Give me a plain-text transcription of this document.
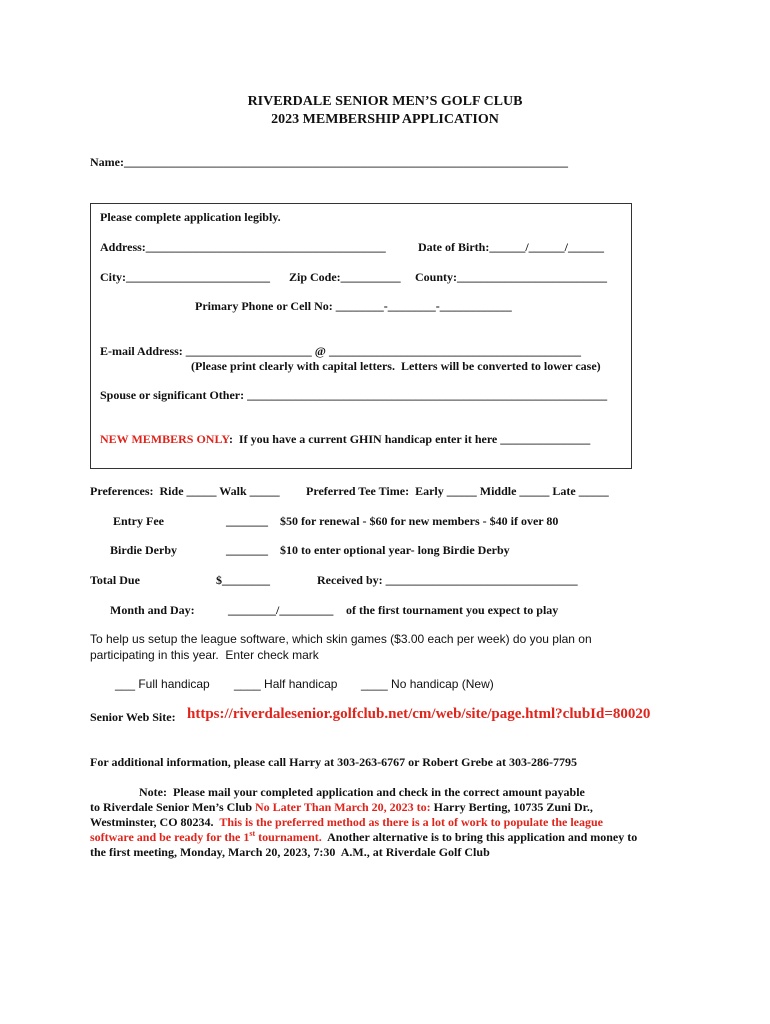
RIVERDALE SENIOR MEN’S GOLF CLUB
2023 MEMBERSHIP APPLICATION
Name:__________________________________________________________________________
Please complete application legibly.
Address:________________________________________	Date of Birth:______/______/______
City:________________________ Zip Code:__________ County:_________________________
Primary Phone or Cell No: ________-________-____________
E-mail Address: _____________________ @ __________________________________________
(Please print clearly with capital letters.  Letters will be converted to lower case)
Spouse or significant Other: ____________________________________________________________
NEW MEMBERS ONLY:  If you have a current GHIN handicap enter it here _______________
Preferences:  Ride _____ Walk _____ Preferred Tee Time:  Early _____ Middle _____ Late _____
Entry Fee	_______ $50 for renewal - $60 for new members - $40 if over 80
Birdie Derby	_______ $10 to enter optional year- long Birdie Derby
Total Due	$________	Received by: ________________________________
Month and Day:	________/_________ of the first tournament you expect to play
To help us setup the league software, which skin games ($3.00 each per week) do you plan on
participating in this year.  Enter check mark
___ Full handicap ____ Half handicap ____ No handicap (New)
Senior Web Site: https://riverdalesenior.golfclub.net/cm/web/site/page.html?clubId=80020
For additional information, please call Harry at 303-263-6767 or Robert Grebe at 303-286-7795
Note:  Please mail your completed application and check in the correct amount payable
to Riverdale Senior Men’s Club No Later Than March 20, 2023 to: Harry Berting, 10735 Zuni Dr.,
Westminster, CO 80234.  This is the preferred method as there is a lot of work to populate the league
software and be ready for the 1st tournament.  Another alternative is to bring this application and money to
the first meeting, Monday, March 20, 2023, 7:30  A.M., at Riverdale Golf Club
